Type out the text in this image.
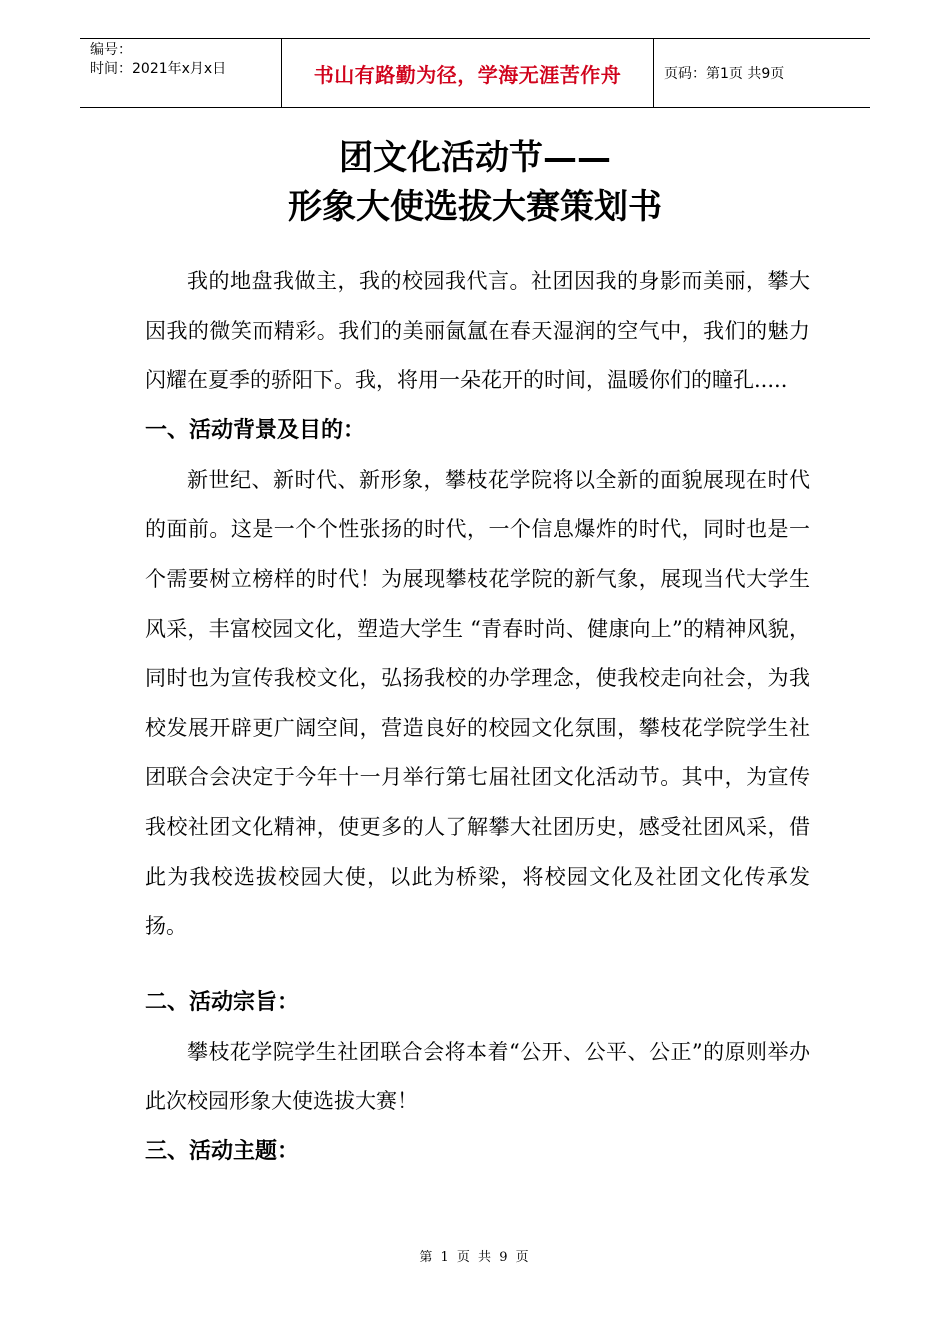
编号：
时间：2021年x月x日	书山有路勤为径，学海无涯苦作舟	页码：第1页 共9页
团文化活动节——
形象大使选拔大赛策划书

我的地盘我做主，我的校园我代言。社团因我的身影而美丽，攀大因我的微笑而精彩。我们的美丽氤氲在春天湿润的空气中，我们的魅力闪耀在夏季的骄阳下。我，将用一朵花开的时间，温暖你们的瞳孔.....

一、活动背景及目的：

新世纪、新时代、新形象，攀枝花学院将以全新的面貌展现在时代的面前。这是一个个性张扬的时代，一个信息爆炸的时代，同时也是一个需要树立榜样的时代！为展现攀枝花学院的新气象，展现当代大学生风采，丰富校园文化，塑造大学生 “青春时尚、健康向上”的精神风貌，同时也为宣传我校文化，弘扬我校的办学理念，使我校走向社会，为我校发展开辟更广阔空间，营造良好的校园文化氛围，攀枝花学院学生社团联合会决定于今年十一月举行第七届社团文化活动节。其中，为宣传我校社团文化精神，使更多的人了解攀大社团历史，感受社团风采，借此为我校选拔校园大使，以此为桥梁，将校园文化及社团文化传承发扬。

二、活动宗旨：

攀枝花学院学生社团联合会将本着“公开、公平、公正”的原则举办此次校园形象大使选拔大赛！

三、活动主题：
第 1 页 共 9 页
